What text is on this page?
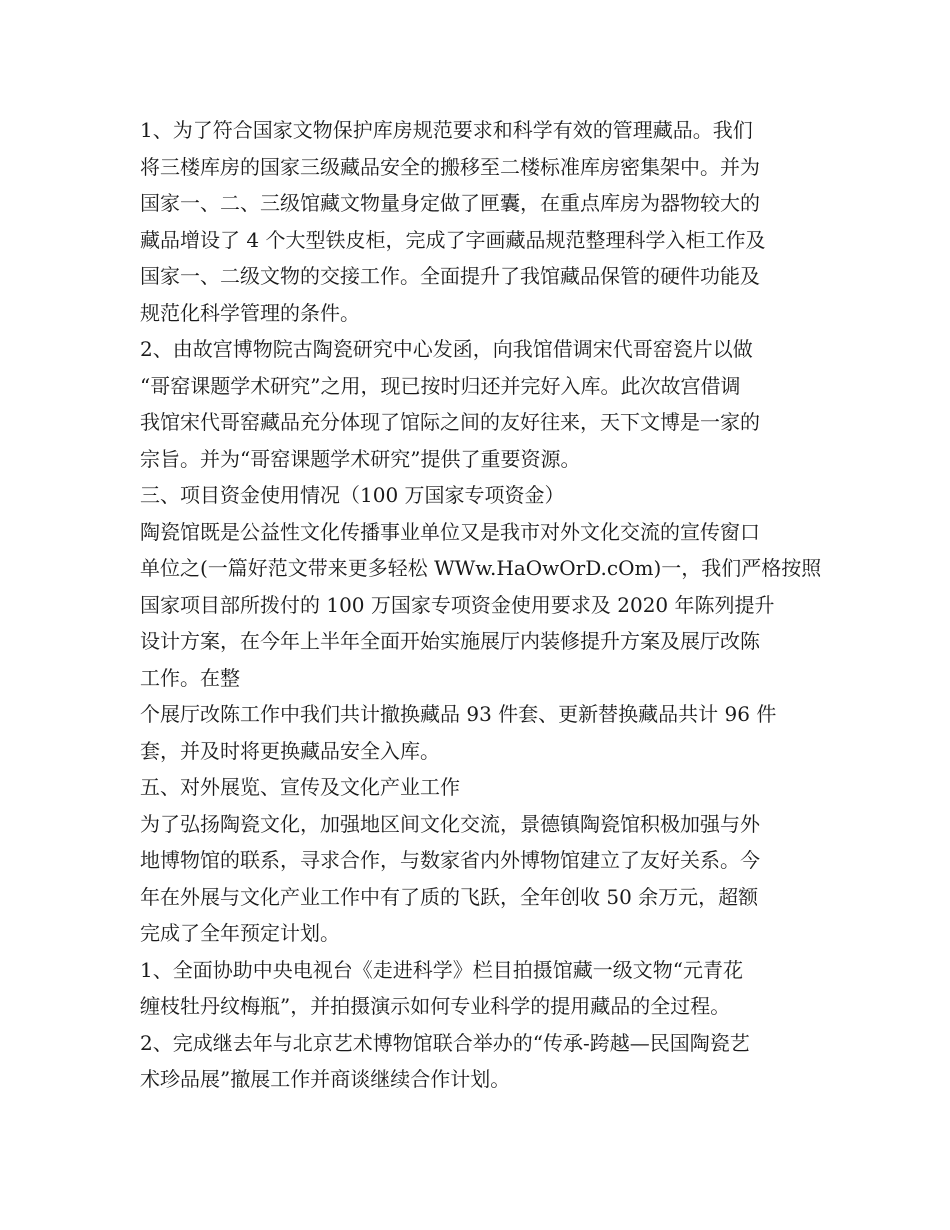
1、为了符合国家文物保护库房规范要求和科学有效的管理藏品。我们
将三楼库房的国家三级藏品安全的搬移至二楼标准库房密集架中。并为
国家一、二、三级馆藏文物量身定做了匣囊，在重点库房为器物较大的
藏品增设了 4 个大型铁皮柜，完成了字画藏品规范整理科学入柜工作及
国家一、二级文物的交接工作。全面提升了我馆藏品保管的硬件功能及
规范化科学管理的条件。
2、由故宫博物院古陶瓷研究中心发函，向我馆借调宋代哥窑瓷片以做
“哥窑课题学术研究”之用，现已按时归还并完好入库。此次故宫借调
我馆宋代哥窑藏品充分体现了馆际之间的友好往来，天下文博是一家的
宗旨。并为“哥窑课题学术研究”提供了重要资源。
三、项目资金使用情况（100 万国家专项资金）
陶瓷馆既是公益性文化传播事业单位又是我市对外文化交流的宣传窗口
单位之(一篇好范文带来更多轻松 WWw.HaOwOrD.cOm)一，我们严格按照
国家项目部所拨付的 100 万国家专项资金使用要求及 2020 年陈列提升
设计方案，在今年上半年全面开始实施展厅内装修提升方案及展厅改陈
工作。在整
个展厅改陈工作中我们共计撤换藏品 93 件套、更新替换藏品共计 96 件
套，并及时将更换藏品安全入库。
五、对外展览、宣传及文化产业工作
为了弘扬陶瓷文化，加强地区间文化交流，景德镇陶瓷馆积极加强与外
地博物馆的联系，寻求合作，与数家省内外博物馆建立了友好关系。今
年在外展与文化产业工作中有了质的飞跃，全年创收 50 余万元，超额
完成了全年预定计划。
1、全面协助中央电视台《走进科学》栏目拍摄馆藏一级文物“元青花
缠枝牡丹纹梅瓶”，并拍摄演示如何专业科学的提用藏品的全过程。
2、完成继去年与北京艺术博物馆联合举办的“传承-跨越—民国陶瓷艺
术珍品展”撤展工作并商谈继续合作计划。
